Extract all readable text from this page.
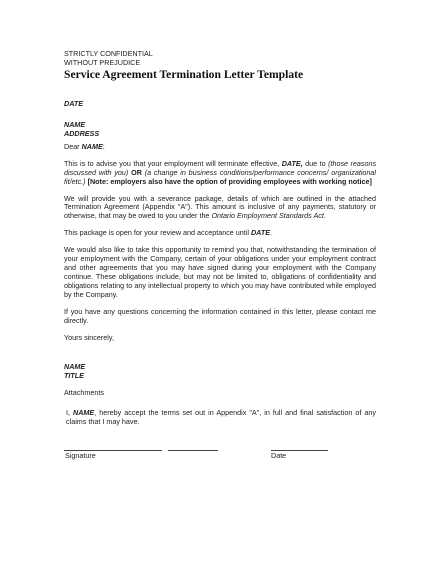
STRICTLY CONFIDENTIAL
WITHOUT PREJUDICE
Service Agreement Termination Letter Template
DATE
NAME
ADDRESS
Dear NAME:

This is to advise you that your employment will terminate effective, DATE, due to (those reasons discussed with you) OR (a change in business conditions/performance concerns/ organizational fit/etc.) [Note: employers also have the option of providing employees with working notice]

We will provide you with a severance package, details of which are outlined in the attached Termination Agreement (Appendix "A"). This amount is inclusive of any payments, statutory or otherwise, that may be owed to you under the Ontario Employment Standards Act.

This package is open for your review and acceptance until DATE.

We would also like to take this opportunity to remind you that, notwithstanding the termination of your employment with the Company, certain of your obligations under your employment contract and other agreements that you may have signed during your employment with the Company continue. These obligations include, but may not be limited to, obligations of confidentiality and obligations relating to any intellectual property to which you may have contributed while employed by the Company.

If you have any questions concerning the information contained in this letter, please contact me directly.

Yours sincerely,
NAME
TITLE
Attachments

I, NAME, hereby accept the terms set out in Appendix "A", in full and final satisfaction of any claims that I may have.

Signature	Date
